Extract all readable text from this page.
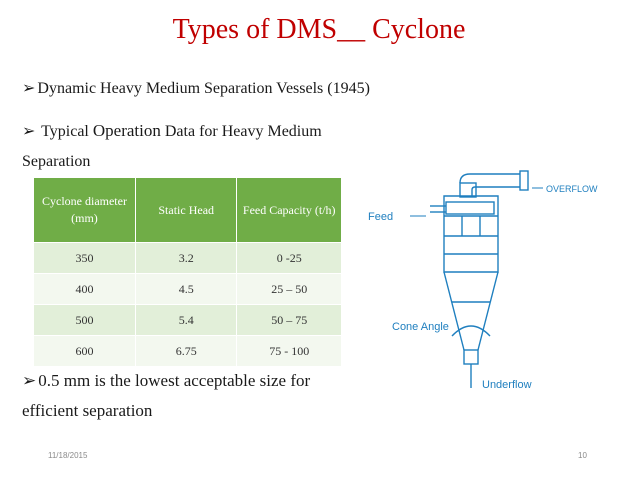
Types of DMS__ Cyclone
➢ Dynamic Heavy Medium Separation Vessels (1945)
➢ Typical Operation Data for Heavy Medium Separation
Cyclone diameter (mm)	Static Head	Feed Capacity (t/h)
350	3.2	0 -25
400	4.5	25 – 50
500	5.4	50 – 75
600	6.75	75 - 100
OVERFLOW
Feed
Cone Angle
Underflow
➢ 0.5 mm is the lowest acceptable size for efficient separation
11/18/2015	10
